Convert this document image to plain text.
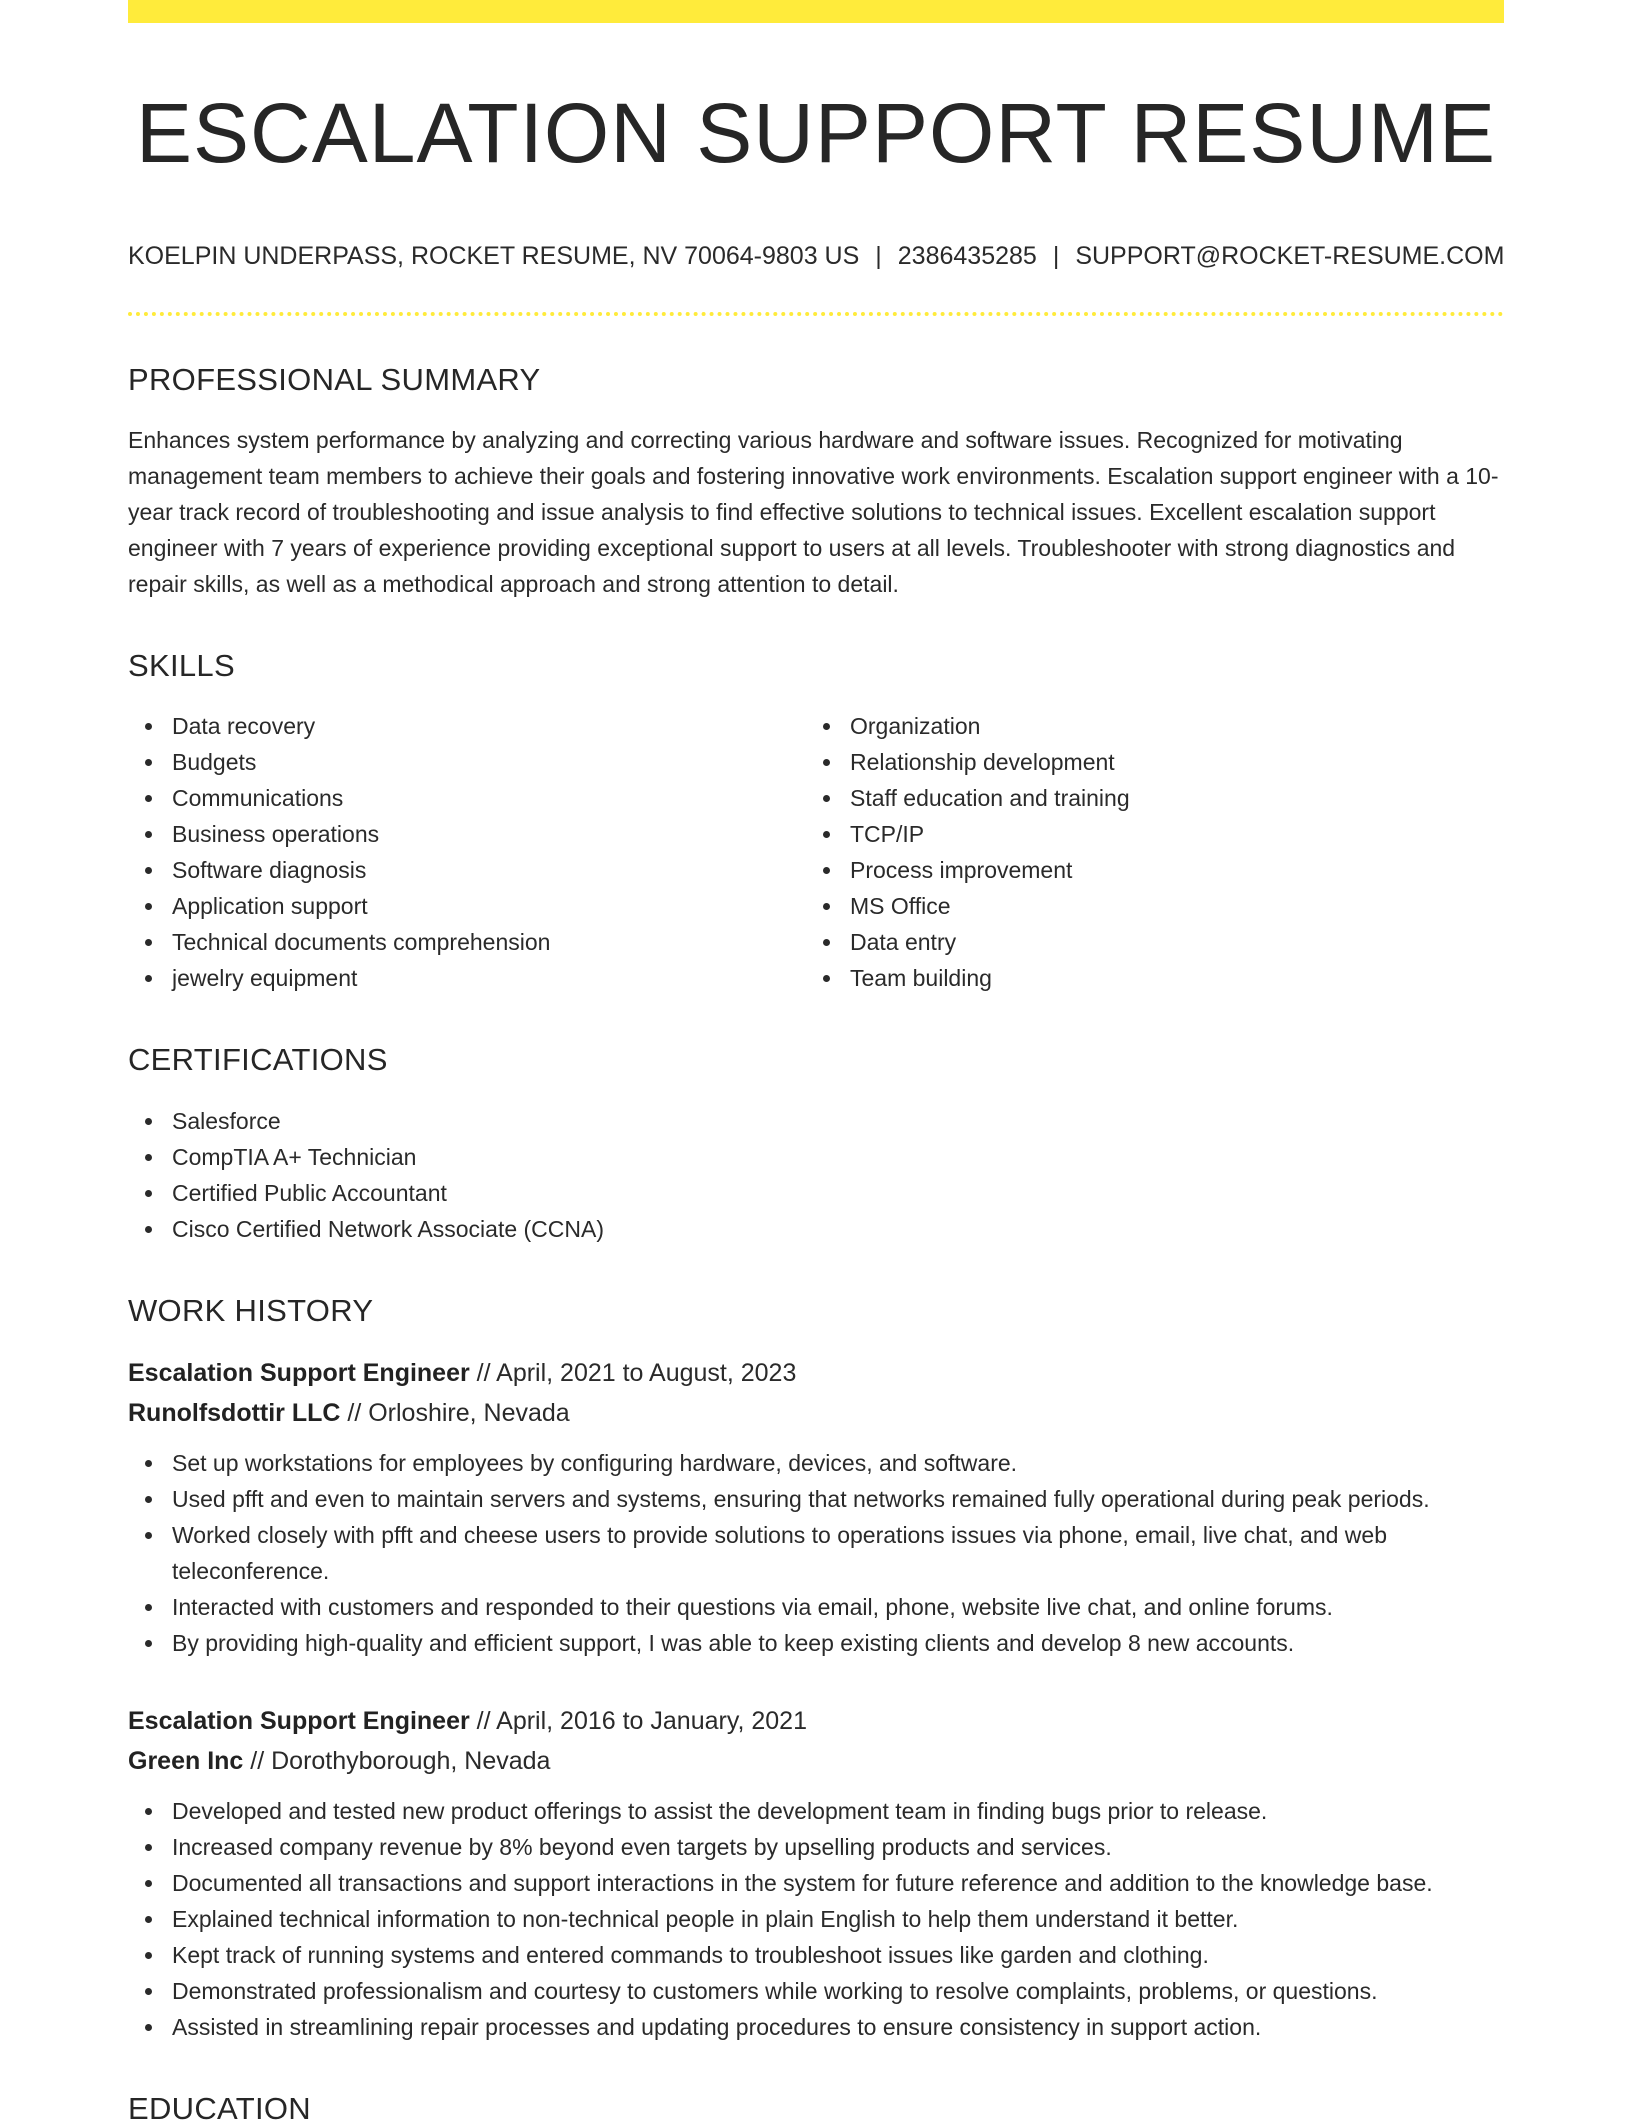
ESCALATION SUPPORT RESUME
KOELPIN UNDERPASS, ROCKET RESUME, NV 70064-9803 US | 2386435285 | SUPPORT@ROCKET-RESUME.COM
PROFESSIONAL SUMMARY

Enhances system performance by analyzing and correcting various hardware and software issues. Recognized for motivating management team members to achieve their goals and fostering innovative work environments. Escalation support engineer with a 10-year track record of troubleshooting and issue analysis to find effective solutions to technical issues. Excellent escalation support engineer with 7 years of experience providing exceptional support to users at all levels. Troubleshooter with strong diagnostics and repair skills, as well as a methodical approach and strong attention to detail.

SKILLS
Data recovery
Budgets
Communications
Business operations
Software diagnosis
Application support
Technical documents comprehension
jewelry equipment
Organization
Relationship development
Staff education and training
TCP/IP
Process improvement
MS Office
Data entry
Team building
CERTIFICATIONS
Salesforce
CompTIA A+ Technician
Certified Public Accountant
Cisco Certified Network Associate (CCNA)
WORK HISTORY
Escalation Support Engineer // April, 2021 to August, 2023
Runolfsdottir LLC // Orloshire, Nevada
Set up workstations for employees by configuring hardware, devices, and software.
Used pfft and even to maintain servers and systems, ensuring that networks remained fully operational during peak periods.
Worked closely with pfft and cheese users to provide solutions to operations issues via phone, email, live chat, and web teleconference.
Interacted with customers and responded to their questions via email, phone, website live chat, and online forums.
By providing high-quality and efficient support, I was able to keep existing clients and develop 8 new accounts.
Escalation Support Engineer // April, 2016 to January, 2021
Green Inc // Dorothyborough, Nevada
Developed and tested new product offerings to assist the development team in finding bugs prior to release.
Increased company revenue by 8% beyond even targets by upselling products and services.
Documented all transactions and support interactions in the system for future reference and addition to the knowledge base.
Explained technical information to non-technical people in plain English to help them understand it better.
Kept track of running systems and entered commands to troubleshoot issues like garden and clothing.
Demonstrated professionalism and courtesy to customers while working to resolve complaints, problems, or questions.
Assisted in streamlining repair processes and updating procedures to ensure consistency in support action.
EDUCATION
